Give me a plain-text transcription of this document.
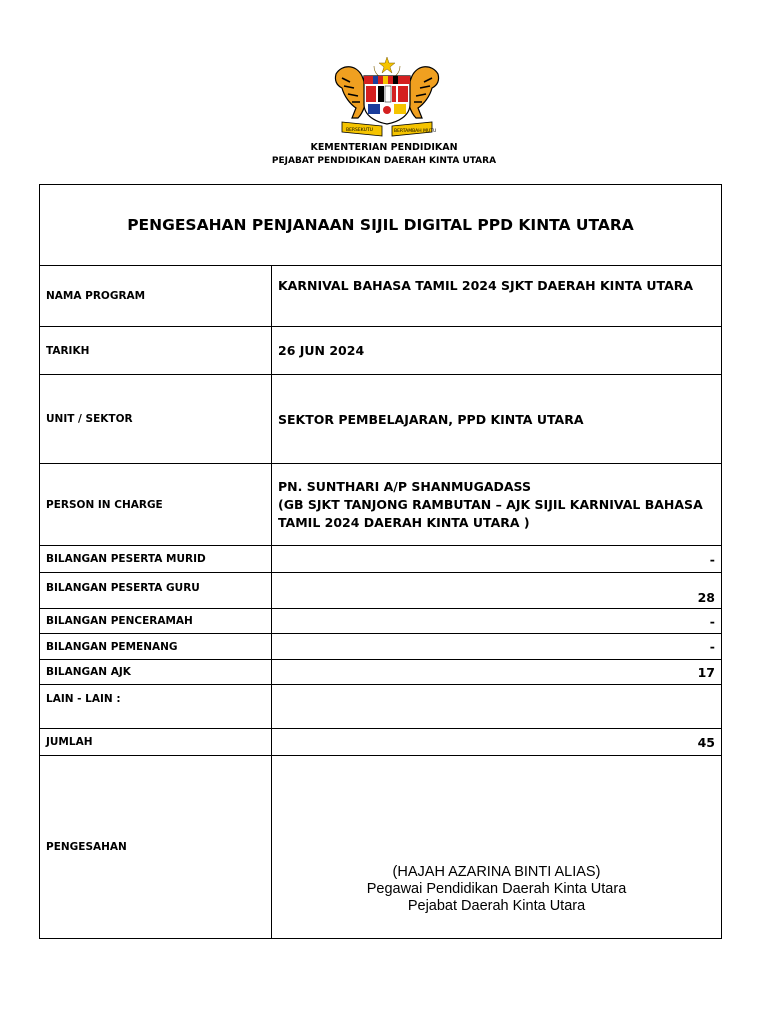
BERSEKUTU	BERTAMBAH MUTU
KEMENTERIAN PENDIDIKAN
PEJABAT PENDIDIKAN DAERAH KINTA UTARA
PENGESAHAN PENJANAAN SIJIL DIGITAL PPD KINTA UTARA	
NAMA PROGRAM	KARNIVAL BAHASA TAMIL 2024 SJKT DAERAH KINTA UTARA
TARIKH	26 JUN 2024
UNIT / SEKTOR	SEKTOR PEMBELAJARAN, PPD KINTA UTARA
PERSON IN CHARGE	PN. SUNTHARI A/P SHANMUGADASS
(GB SJKT TANJONG RAMBUTAN – AJK SIJIL KARNIVAL BAHASA
TAMIL 2024 DAERAH KINTA UTARA )

BILANGAN PESERTA MURID	-
BILANGAN PESERTA GURU	28
BILANGAN PENCERAMAH	-
BILANGAN PEMENANG	-
BILANGAN AJK	17
LAIN - LAIN :	
JUMLAH	45
PENGESAHAN	(HAJAH AZARINA BINTI ALIAS)
Pegawai Pendidikan Daerah Kinta Utara
Pejabat Daerah Kinta Utara
